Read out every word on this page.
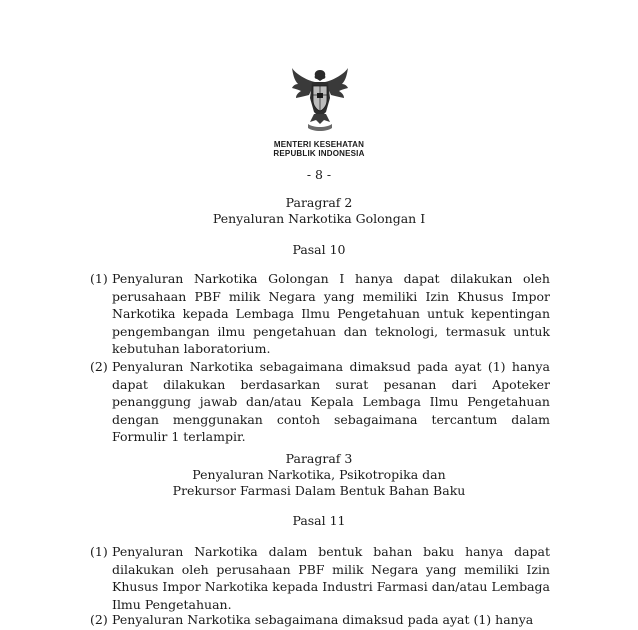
MENTERI KESEHATAN
REPUBLIK INDONESIA
- 8 -
Paragraf 2
Penyaluran Narkotika Golongan I
Pasal 10
(1) Penyaluran Narkotika Golongan I hanya dapat dilakukan oleh perusahaan PBF milik Negara yang memiliki Izin Khusus Impor Narkotika kepada Lembaga Ilmu Pengetahuan untuk kepentingan pengembangan ilmu pengetahuan dan teknologi, termasuk untuk kebutuhan laboratorium.
(2) Penyaluran Narkotika sebagaimana dimaksud pada ayat (1) hanya dapat dilakukan berdasarkan surat pesanan dari Apoteker penanggung jawab dan/atau Kepala Lembaga Ilmu Pengetahuan dengan menggunakan contoh sebagaimana tercantum dalam Formulir 1 terlampir.
Paragraf 3
Penyaluran Narkotika, Psikotropika dan
Prekursor Farmasi Dalam Bentuk Bahan Baku
Pasal 11
(1) Penyaluran Narkotika dalam bentuk bahan baku hanya dapat dilakukan oleh perusahaan PBF milik Negara yang memiliki Izin Khusus Impor Narkotika kepada Industri Farmasi dan/atau Lembaga Ilmu Pengetahuan.
(2) Penyaluran Narkotika sebagaimana dimaksud pada ayat (1) hanya
